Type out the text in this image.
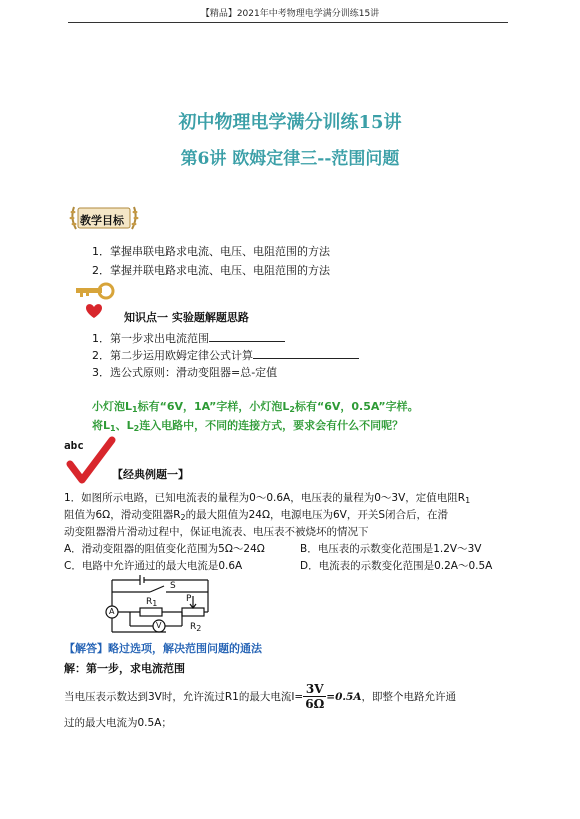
【精品】2021年中考物理电学满分训练15讲
初中物理电学满分训练15讲
第6讲 欧姆定律三--范围问题
教学目标
1．掌握串联电路求电流、电压、电阻范围的方法
2．掌握并联电路求电流、电压、电阻范围的方法
知识点一 实验题解题思路
1．第一步求出电流范围
2．第二步运用欧姆定律公式计算
3．选公式原则：滑动变阻器=总-定值
小灯泡$L_1$标有“6V，1A”字样，小灯泡$L_2$标有“6V，0.5A”字样。
将$L_1$、$L_2$连入电路中，不同的连接方式，要求会有什么不同呢？
abc
【经典例题一】
1．如图所示电路，已知电流表的量程为0～0.6A，电压表的量程为0～3V，定值电阻$R_1$
阻值为6Ω，滑动变阻器$R_2$的最大阻值为24Ω，电源电压为6V，开关S闭合后，在滑
动变阻器滑片滑动过程中，保证电流表、电压表不被烧坏的情况下
A．滑动变阻器的阻值变化范围为5Ω～24Ω	B．电压表的示数变化范围是1.2V～3V
C．电路中允许通过的最大电流是0.6A	D．电流表的示数变化范围是0.2A～0.5A
A
V
S
R1	P
R2
【解答】略过选项，解决范围问题的通法
解：第一步，求电流范围
当电压表示数达到3V时，允许流过R1的最大电流$I= \frac{3V}{6\Omega} =0.5A$ ，即整个电路允许通
过的最大电流为0.5A；
